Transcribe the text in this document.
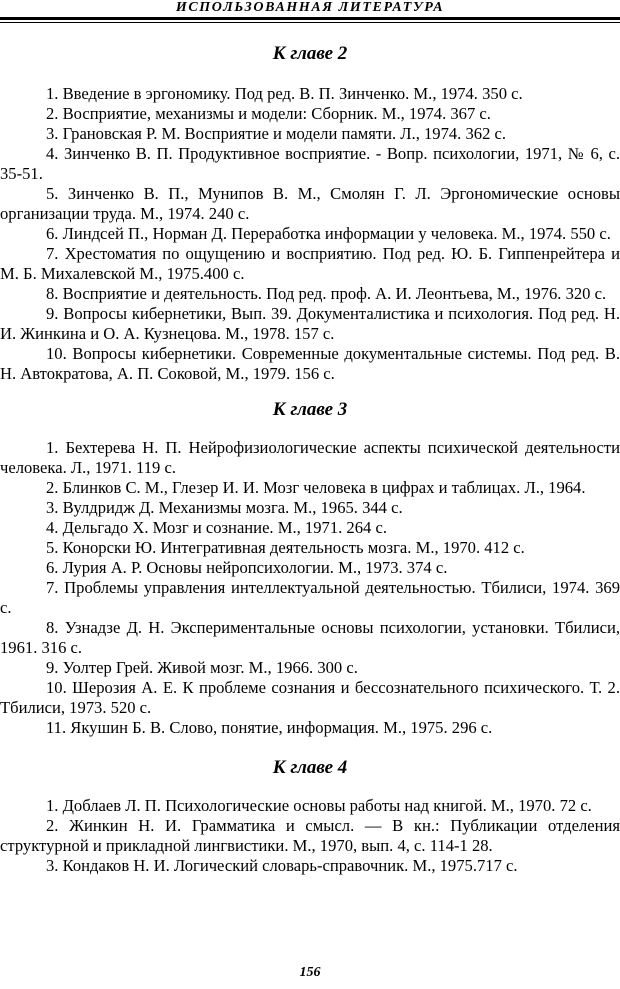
ИСПОЛЬЗОВАННАЯ ЛИТЕРАТУРА
К главе 2

1. Введение в эргономику. Под ред. В. П. Зинченко. М., 1974. 350 с.

2. Восприятие, механизмы и модели: Сборник. М., 1974. 367 с.

3. Грановская Р. М. Восприятие и модели памяти. Л., 1974. 362 с.

4. Зинченко В. П. Продуктивное восприятие. - Вопр. психологии, 1971, № 6, с. 35-51.

5. Зинченко В. П., Мунипов В. М., Смолян Г. Л. Эргономические основы организации труда. М., 1974. 240 с.

6. Линдсей П., Норман Д. Переработка информации у человека. М., 1974. 550 с.

7. Хрестоматия по ощущению и восприятию. Под ред. Ю. Б. Гиппенрейтера и М. Б. Михалевской М., 1975.400 с.

8. Восприятие и деятельность. Под ред. проф. А. И. Леонтьева, М., 1976. 320 с.

9. Вопросы кибернетики, Вып. 39. Документалистика и психология. Под ред. Н. И. Жинкина и О. А. Кузнецова. М., 1978. 157 с.

10. Вопросы кибернетики. Современные документальные системы. Под ред. В. Н. Автократова, А. П. Соковой, М., 1979. 156 с.

К главе 3

1. Бехтерева Н. П. Нейрофизиологические аспекты психической деятельности человека. Л., 1971. 119 с.

2. Блинков С. М., Глезер И. И. Мозг человека в цифрах и таблицах. Л., 1964.

3. Вулдридж Д. Механизмы мозга. М., 1965. 344 с.

4. Дельгадо X. Мозг и сознание. М., 1971. 264 с.

5. Конорски Ю. Интегративная деятельность мозга. М., 1970. 412 с.

6. Лурия А. Р. Основы нейропсихологии. М., 1973. 374 с.

7. Проблемы управления интеллектуальной деятельностью. Тбилиси, 1974. 369 с.

8. Узнадзе Д. Н. Экспериментальные основы психологии, установки. Тбилиси, 1961. 316 с.

9. Уолтер Грей. Живой мозг. М., 1966. 300 с.

10. Шерозия А. Е. К проблеме сознания и бессознательного психического. Т. 2. Тбилиси, 1973. 520 с.

11. Якушин Б. В. Слово, понятие, информация. М., 1975. 296 с.

К главе 4

1. Доблаев Л. П. Психологические основы работы над книгой. М., 1970. 72 с.

2. Жинкин Н. И. Грамматика и смысл. — В кн.: Публикации отделения структурной и прикладной лингвистики. М., 1970, вып. 4, с. 114-1 28.

3. Кондаков Н. И. Логический словарь-справочник. М., 1975.717 с.

156
